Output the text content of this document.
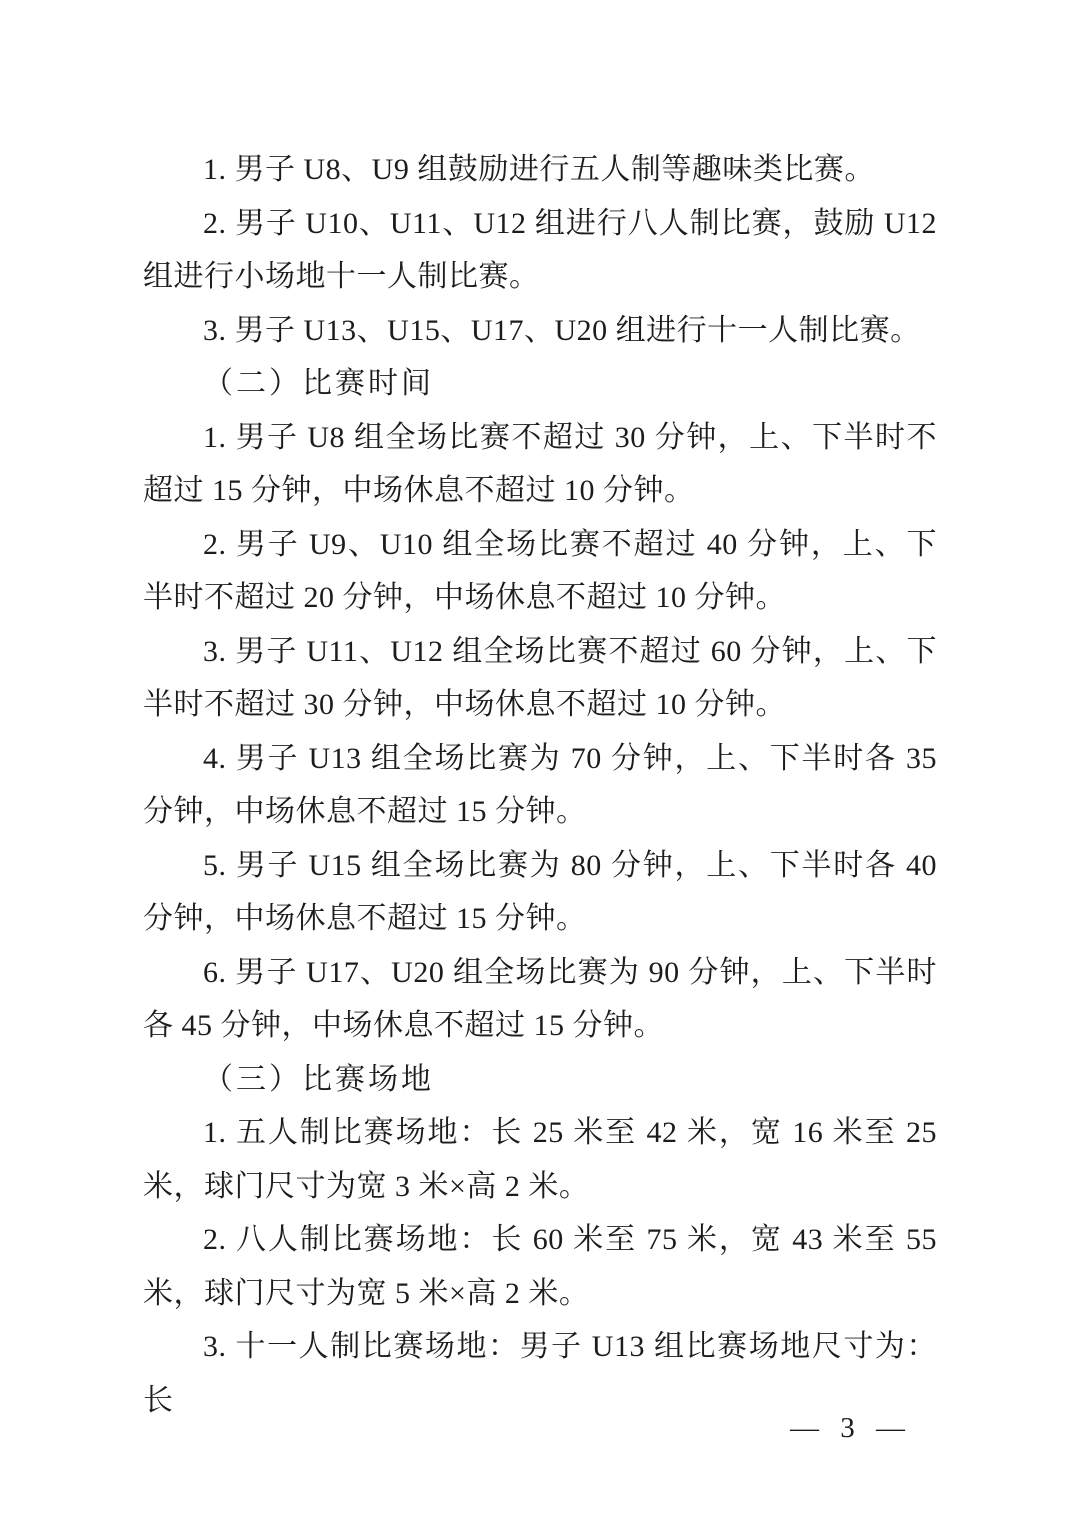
1. 男子 U8、U9 组鼓励进行五人制等趣味类比赛。

2. 男子 U10、U11、U12 组进行八人制比赛，鼓励 U12 组进行小场地十一人制比赛。

3. 男子 U13、U15、U17、U20 组进行十一人制比赛。

（二）比赛时间

1. 男子 U8 组全场比赛不超过 30 分钟，上、下半时不超过 15 分钟，中场休息不超过 10 分钟。

2. 男子 U9、U10 组全场比赛不超过 40 分钟，上、下半时不超过 20 分钟，中场休息不超过 10 分钟。

3. 男子 U11、U12 组全场比赛不超过 60 分钟，上、下半时不超过 30 分钟，中场休息不超过 10 分钟。

4. 男子 U13 组全场比赛为 70 分钟，上、下半时各 35 分钟，中场休息不超过 15 分钟。

5. 男子 U15 组全场比赛为 80 分钟，上、下半时各 40 分钟，中场休息不超过 15 分钟。

6. 男子 U17、U20 组全场比赛为 90 分钟，上、下半时各 45 分钟，中场休息不超过 15 分钟。

（三）比赛场地

1. 五人制比赛场地：长 25 米至 42 米，宽 16 米至 25 米，球门尺寸为宽 3 米×高 2 米。

2. 八人制比赛场地：长 60 米至 75 米，宽 43 米至 55 米，球门尺寸为宽 5 米×高 2 米。

3. 十一人制比赛场地：男子 U13 组比赛场地尺寸为：长

— 3 —
